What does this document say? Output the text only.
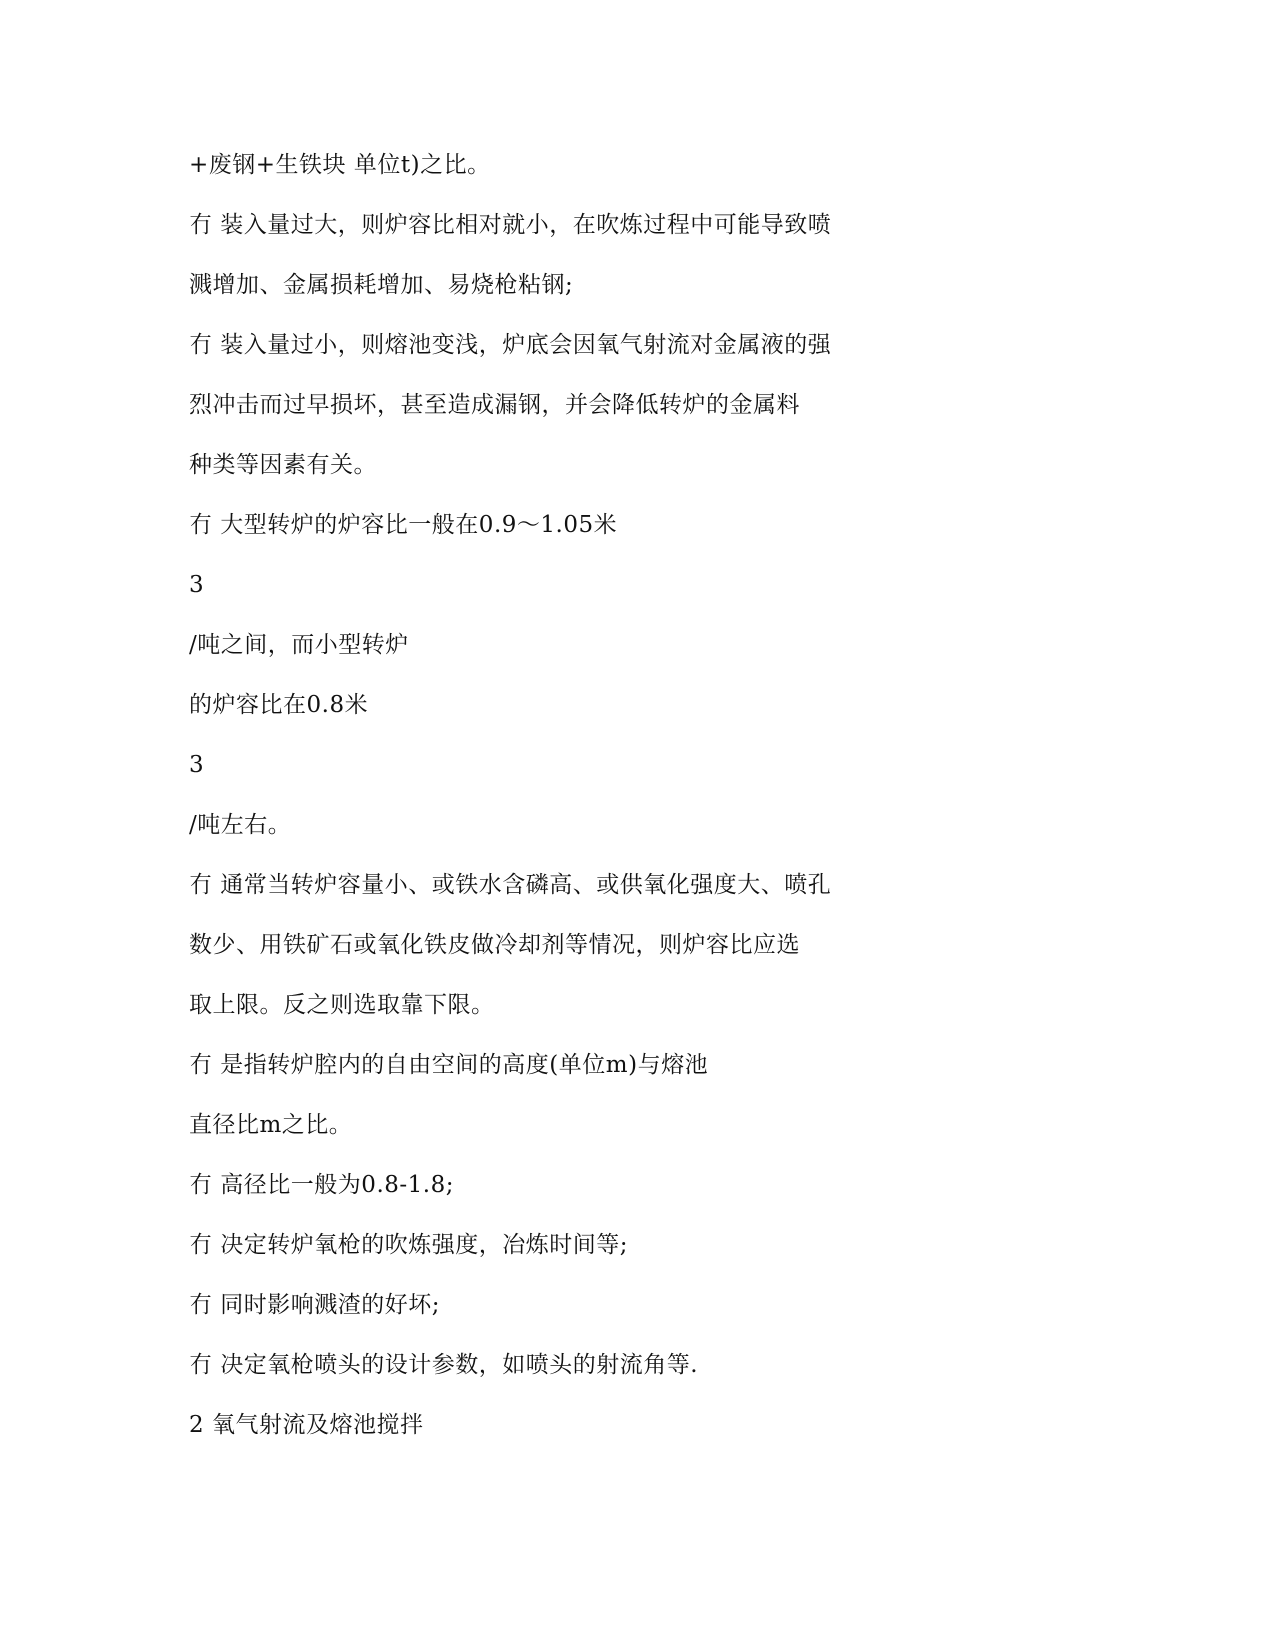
+废钢+生铁块 单位t)之比。
冇 装入量过大，则炉容比相对就小，在吹炼过程中可能导致喷
溅增加、金属损耗增加、易烧枪粘钢;
冇 装入量过小，则熔池变浅，炉底会因氧气射流对金属液的强
烈冲击而过早损坏，甚至造成漏钢，并会降低转炉的金属料
种类等因素有关。
冇 大型转炉的炉容比一般在0.9～1.05米
3
/吨之间，而小型转炉
的炉容比在0.8米
3
/吨左右。
冇 通常当转炉容量小、或铁水含磷高、或供氧化强度大、喷孔
数少、用铁矿石或氧化铁皮做冷却剂等情况，则炉容比应选
取上限。反之则选取靠下限。
冇 是指转炉腔内的自由空间的高度(单位m)与熔池
直径比m之比。
冇 高径比一般为0.8-1.8;
冇 决定转炉氧枪的吹炼强度，冶炼时间等;
冇 同时影响溅渣的好坏;
冇 决定氧枪喷头的设计参数，如喷头的射流角等.
2 氧气射流及熔池搅拌
